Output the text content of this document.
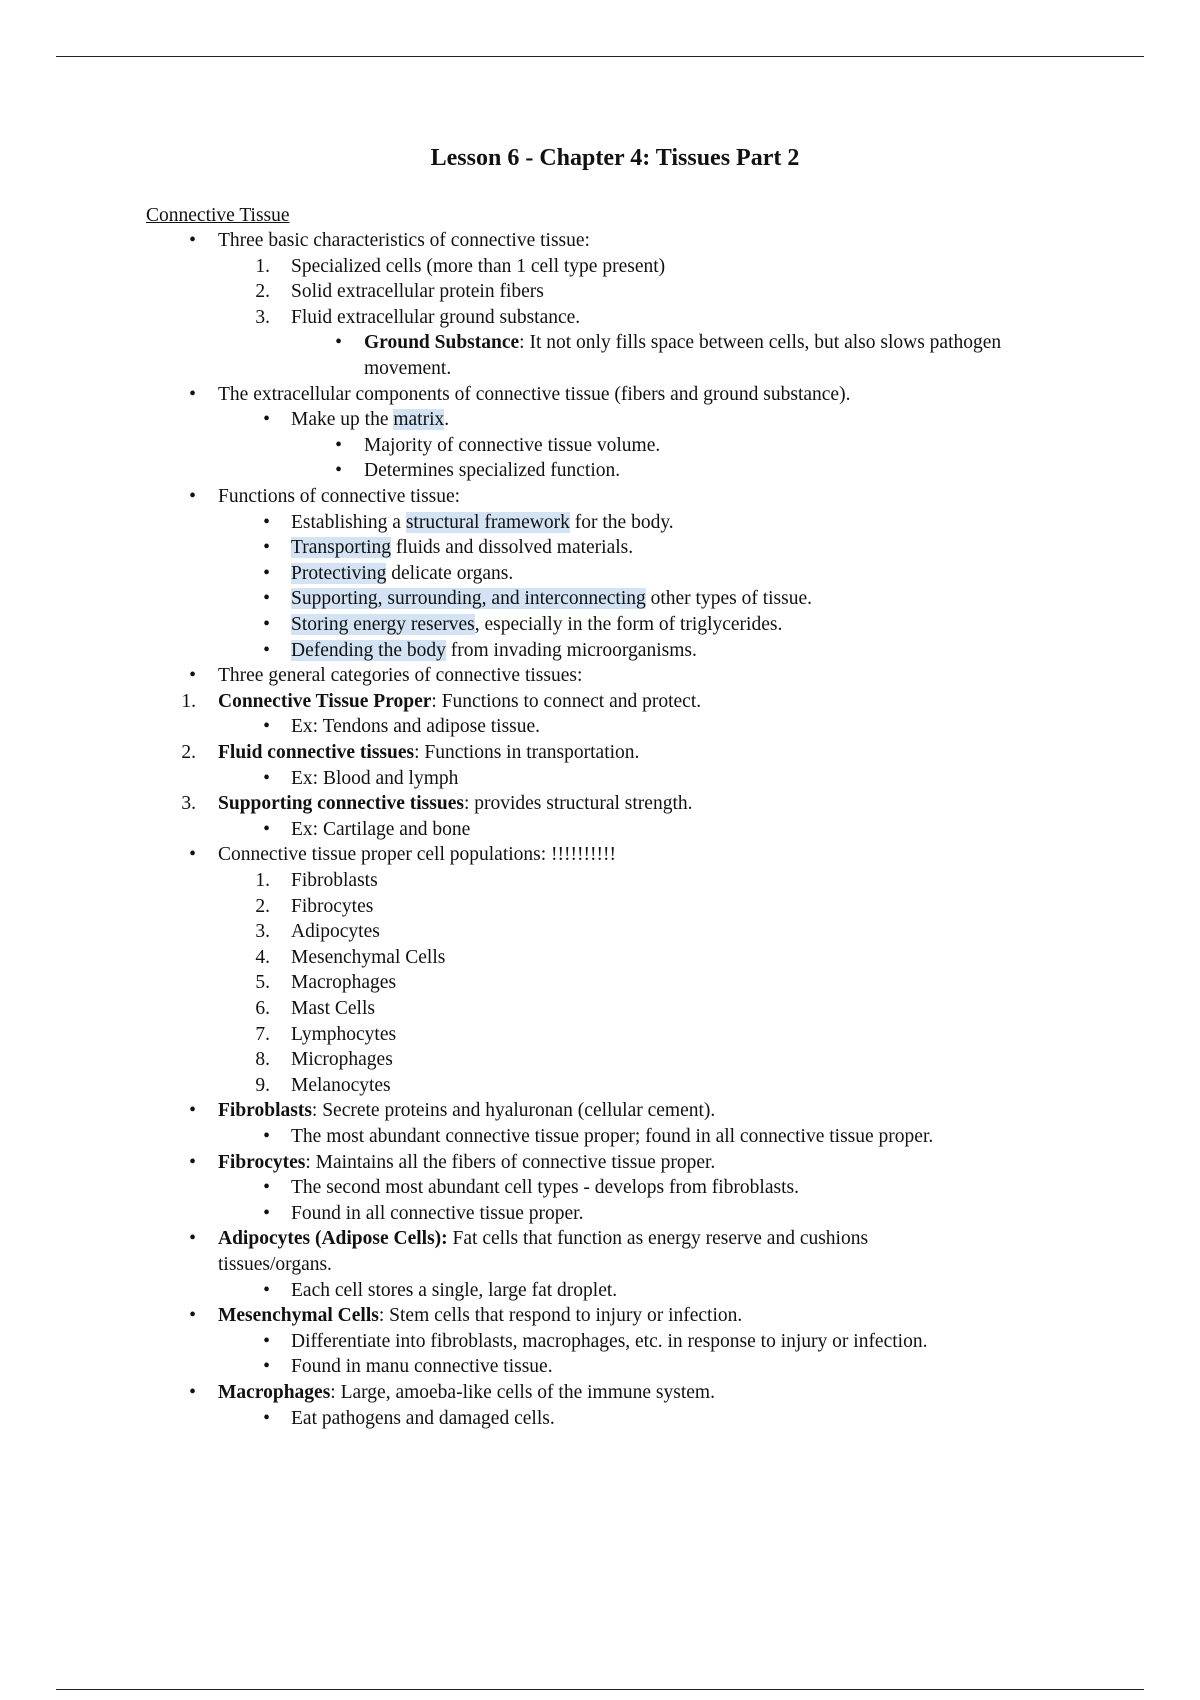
Lesson 6 - Chapter 4: Tissues Part 2

Connective Tissue

• Three basic characteristics of connective tissue:
1. Specialized cells (more than 1 cell type present)
2. Solid extracellular protein fibers
3. Fluid extracellular ground substance.
• Ground Substance: It not only fills space between cells, but also slows pathogen
movement.
• The extracellular components of connective tissue (fibers and ground substance).
• Make up the matrix.
• Majority of connective tissue volume.
• Determines specialized function.
• Functions of connective tissue:
• Establishing a structural framework for the body.
• Transporting fluids and dissolved materials.
• Protectiving delicate organs.
• Supporting, surrounding, and interconnecting other types of tissue.
• Storing energy reserves, especially in the form of triglycerides.
• Defending the body from invading microorganisms.
• Three general categories of connective tissues:
1. Connective Tissue Proper: Functions to connect and protect.
• Ex: Tendons and adipose tissue.
2. Fluid connective tissues: Functions in transportation.
• Ex: Blood and lymph
3. Supporting connective tissues: provides structural strength.
• Ex: Cartilage and bone
• Connective tissue proper cell populations: !!!!!!!!!!
1. Fibroblasts
2. Fibrocytes
3. Adipocytes
4. Mesenchymal Cells
5. Macrophages
6. Mast Cells
7. Lymphocytes
8. Microphages
9. Melanocytes
• Fibroblasts: Secrete proteins and hyaluronan (cellular cement).
• The most abundant connective tissue proper; found in all connective tissue proper.
• Fibrocytes: Maintains all the fibers of connective tissue proper.
• The second most abundant cell types - develops from fibroblasts.
• Found in all connective tissue proper.
• Adipocytes (Adipose Cells): Fat cells that function as energy reserve and cushions
tissues/organs.
• Each cell stores a single, large fat droplet.
• Mesenchymal Cells: Stem cells that respond to injury or infection.
• Differentiate into fibroblasts, macrophages, etc. in response to injury or infection.
• Found in manu connective tissue.
• Macrophages: Large, amoeba-like cells of the immune system.
• Eat pathogens and damaged cells.
